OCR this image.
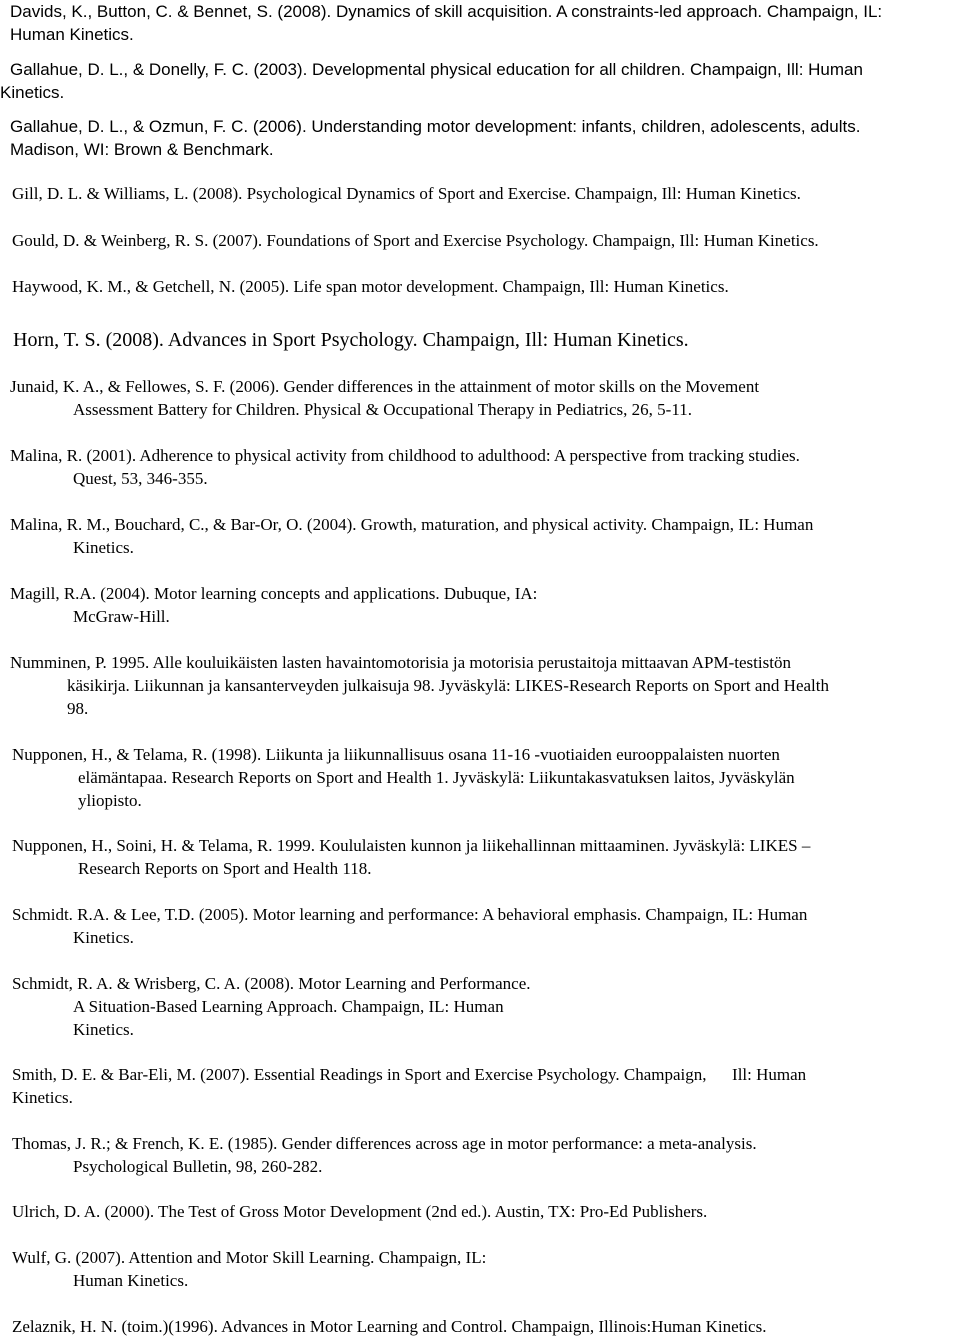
Davids, K., Button, C. & Bennet, S. (2008). Dynamics of skill acquisition. A constraints-led approach. Champaign, IL:

Human Kinetics.

Gallahue, D. L., & Donelly, F. C. (2003). Developmental physical education for all children. Champaign, Ill: Human

Kinetics.

Gallahue, D. L., & Ozmun, F. C. (2006). Understanding motor development: infants, children, adolescents, adults.

Madison, WI: Brown & Benchmark.

Gill, D. L. & Williams, L. (2008). Psychological Dynamics of Sport and Exercise. Champaign, Ill: Human Kinetics.

Gould, D. & Weinberg, R. S. (2007). Foundations of Sport and Exercise Psychology. Champaign, Ill: Human Kinetics.

Haywood, K. M., & Getchell, N. (2005). Life span motor development. Champaign, Ill: Human Kinetics.

Horn, T. S. (2008). Advances in Sport Psychology. Champaign, Ill: Human Kinetics.

Junaid, K. A., & Fellowes, S. F. (2006). Gender differences in the attainment of motor skills on the Movement

Assessment Battery for Children. Physical & Occupational Therapy in Pediatrics, 26, 5-11.

Malina, R. (2001). Adherence to physical activity from childhood to adulthood: A perspective from tracking studies.

Quest, 53, 346-355.

Malina, R. M., Bouchard, C., & Bar-Or, O. (2004). Growth, maturation, and physical activity. Champaign, IL: Human

Kinetics.

Magill, R.A. (2004). Motor learning concepts and applications. Dubuque, IA:

McGraw-Hill.

Numminen, P. 1995. Alle kouluikäisten lasten havaintomotorisia ja motorisia perustaitoja mittaavan APM-testistön

käsikirja. Liikunnan ja kansanterveyden julkaisuja 98. Jyväskylä: LIKES-Research Reports on Sport and Health

98.

Nupponen, H., & Telama, R. (1998). Liikunta ja liikunnallisuus osana 11-16 -vuotiaiden eurooppalaisten nuorten

elämäntapaa. Research Reports on Sport and Health 1. Jyväskylä: Liikuntakasvatuksen laitos, Jyväskylän

yliopisto.

Nupponen, H., Soini, H. & Telama, R. 1999. Koululaisten kunnon ja liikehallinnan mittaaminen. Jyväskylä: LIKES –

Research Reports on Sport and Health 118.

Schmidt. R.A. & Lee, T.D. (2005). Motor learning and performance: A behavioral emphasis. Champaign, IL: Human

Kinetics.

Schmidt, R. A. & Wrisberg, C. A. (2008). Motor Learning and Performance.

A Situation-Based Learning Approach. Champaign, IL: Human

Kinetics.

Smith, D. E. & Bar-Eli, M. (2007). Essential Readings in Sport and Exercise Psychology. Champaign,      Ill: Human

Kinetics.

Thomas, J. R.; & French, K. E. (1985). Gender differences across age in motor performance: a meta-analysis.

Psychological Bulletin, 98, 260-282.

Ulrich, D. A. (2000). The Test of Gross Motor Development (2nd ed.). Austin, TX: Pro-Ed Publishers.

Wulf, G. (2007). Attention and Motor Skill Learning. Champaign, IL:

Human Kinetics.

Zelaznik, H. N. (toim.)(1996). Advances in Motor Learning and Control. Champaign, Illinois:Human Kinetics.
